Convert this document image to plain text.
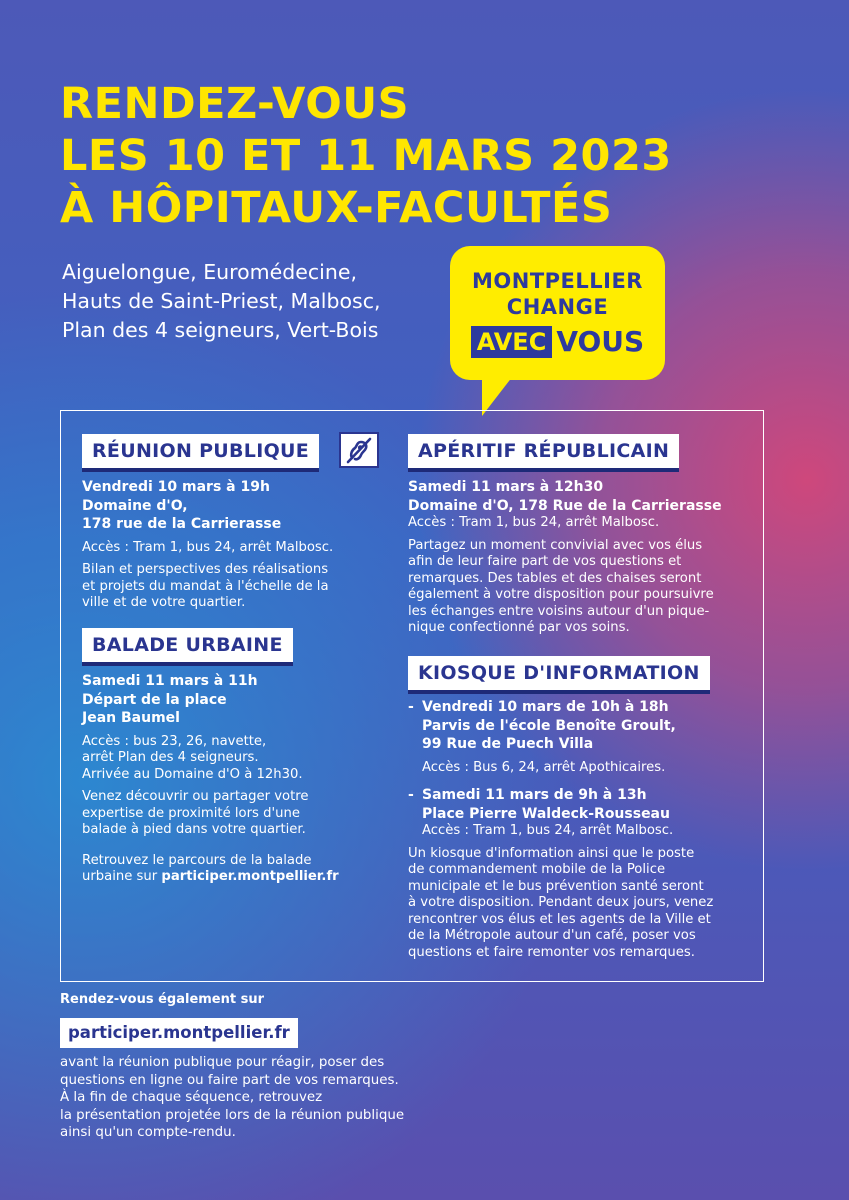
RENDEZ-VOUS
LES 10 ET 11 MARS 2023
À HÔPITAUX-FACULTÉS
Aiguelongue, Euromédecine,
Hauts de Saint-Priest, Malbosc,
Plan des 4 seigneurs, Vert-Bois
MONTPELLIER
CHANGE
AVEC VOUS
RÉUNION PUBLIQUE
Vendredi 10 mars à 19h
Domaine d'O,
178 rue de la Carrierasse
Accès : Tram 1, bus 24, arrêt Malbosc.
Bilan et perspectives des réalisations
et projets du mandat à l'échelle de la
ville et de votre quartier.
BALADE URBAINE
Samedi 11 mars à 11h
Départ de la place
Jean Baumel
Accès : bus 23, 26, navette,
arrêt Plan des 4 seigneurs.
Arrivée au Domaine d'O à 12h30.
Venez découvrir ou partager votre
expertise de proximité lors d'une
balade à pied dans votre quartier.
Retrouvez le parcours de la balade
urbaine sur participer.montpellier.fr
APÉRITIF RÉPUBLICAIN
Samedi 11 mars à 12h30
Domaine d'O, 178 Rue de la Carrierasse
Accès : Tram 1, bus 24, arrêt Malbosc.
Partagez un moment convivial avec vos élus
afin de leur faire part de vos questions et
remarques. Des tables et des chaises seront
également à votre disposition pour poursuivre
les échanges entre voisins autour d'un pique-
nique confectionné par vos soins.
KIOSQUE D'INFORMATION
- Vendredi 10 mars de 10h à 18h
Parvis de l'école Benoîte Groult,
99 Rue de Puech Villa
Accès : Bus 6, 24, arrêt Apothicaires.
- Samedi 11 mars de 9h à 13h
Place Pierre Waldeck-Rousseau
Accès : Tram 1, bus 24, arrêt Malbosc.
Un kiosque d'information ainsi que le poste
de commandement mobile de la Police
municipale et le bus prévention santé seront
à votre disposition. Pendant deux jours, venez
rencontrer vos élus et les agents de la Ville et
de la Métropole autour d'un café, poser vos
questions et faire remonter vos remarques.
Rendez-vous également sur
participer.montpellier.fr
avant la réunion publique pour réagir, poser des
questions en ligne ou faire part de vos remarques.
À la fin de chaque séquence, retrouvez
la présentation projetée lors de la réunion publique
ainsi qu'un compte-rendu.
